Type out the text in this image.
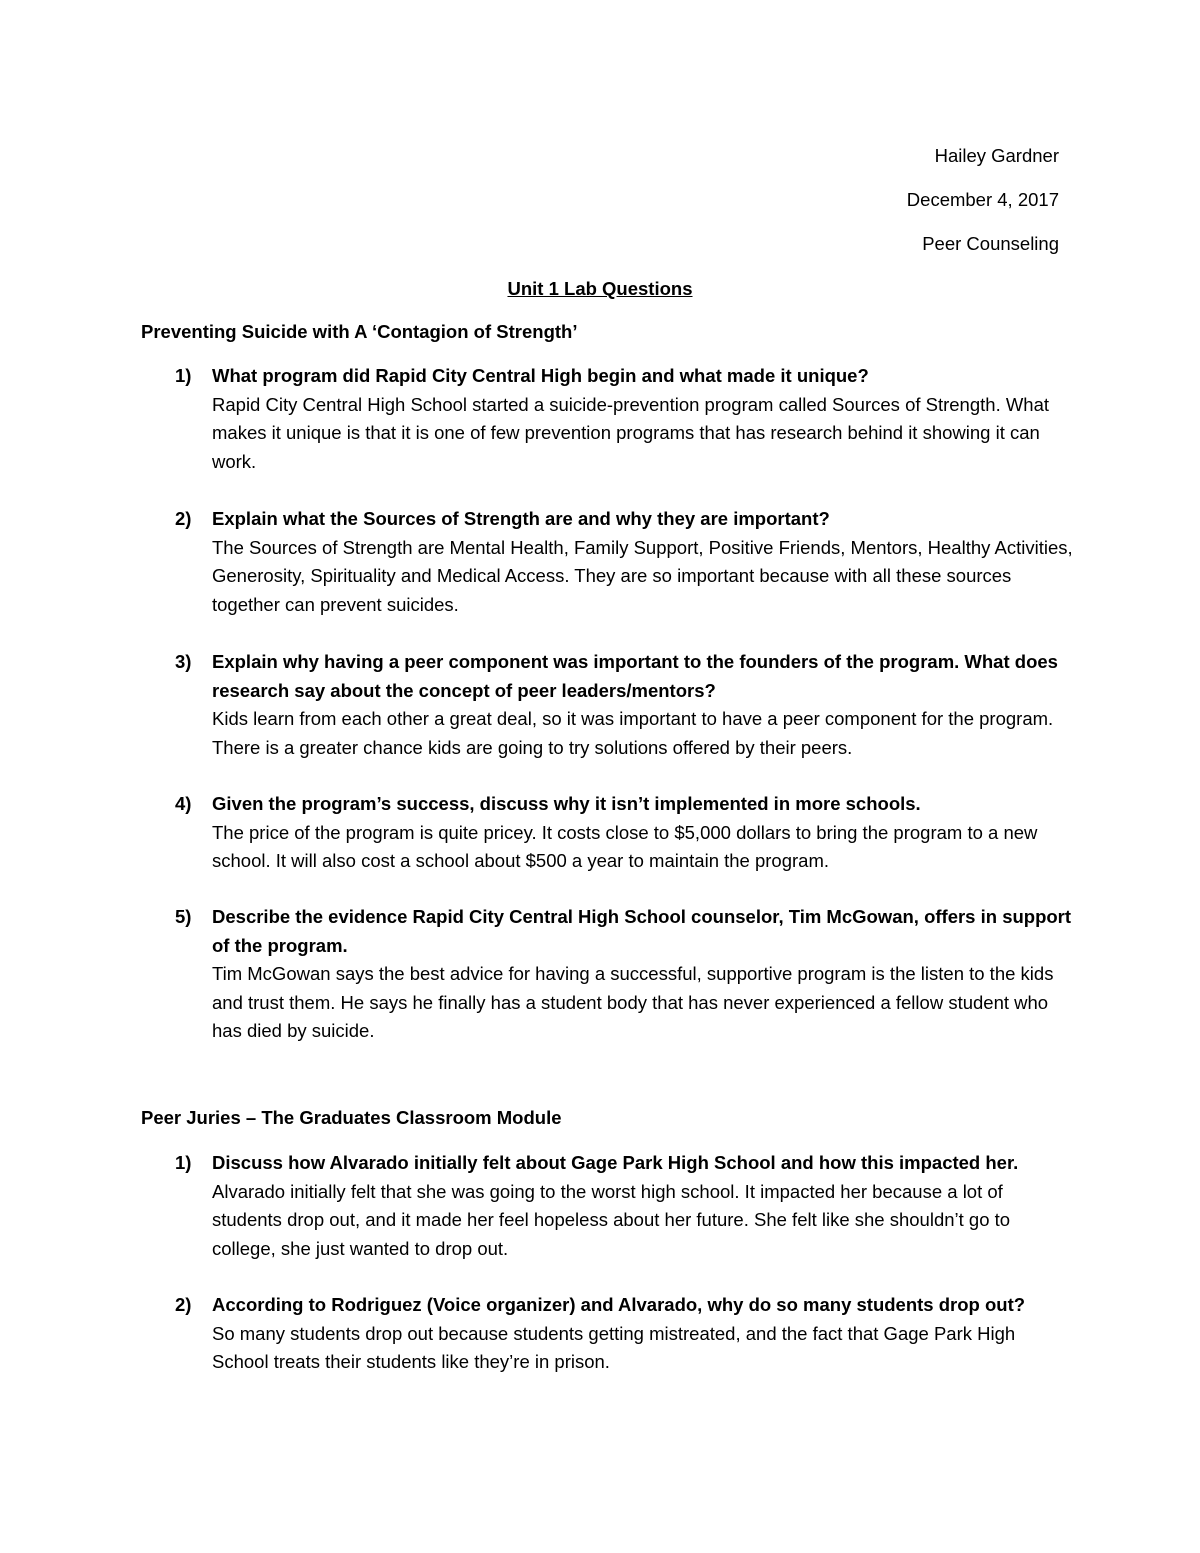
Hailey Gardner
December 4, 2017
Peer Counseling
Unit 1 Lab Questions
Preventing Suicide with A ‘Contagion of Strength’
1) What program did Rapid City Central High begin and what made it unique?
Rapid City Central High School started a suicide-prevention program called Sources of Strength. What makes it unique is that it is one of few prevention programs that has research behind it showing it can work.
2) Explain what the Sources of Strength are and why they are important?
The Sources of Strength are Mental Health, Family Support, Positive Friends, Mentors, Healthy Activities, Generosity, Spirituality and Medical Access. They are so important because with all these sources together can prevent suicides.
3) Explain why having a peer component was important to the founders of the program. What does research say about the concept of peer leaders/mentors?
Kids learn from each other a great deal, so it was important to have a peer component for the program. There is a greater chance kids are going to try solutions offered by their peers.
4) Given the program’s success, discuss why it isn’t implemented in more schools.
The price of the program is quite pricey. It costs close to $5,000 dollars to bring the program to a new school. It will also cost a school about $500 a year to maintain the program.
5) Describe the evidence Rapid City Central High School counselor, Tim McGowan, offers in support of the program.
Tim McGowan says the best advice for having a successful, supportive program is the listen to the kids and trust them. He says he finally has a student body that has never experienced a fellow student who has died by suicide.
Peer Juries – The Graduates Classroom Module
1) Discuss how Alvarado initially felt about Gage Park High School and how this impacted her.
Alvarado initially felt that she was going to the worst high school. It impacted her because a lot of students drop out, and it made her feel hopeless about her future. She felt like she shouldn’t go to college, she just wanted to drop out.
2) According to Rodriguez (Voice organizer) and Alvarado, why do so many students drop out?
So many students drop out because students getting mistreated, and the fact that Gage Park High School treats their students like they’re in prison.
